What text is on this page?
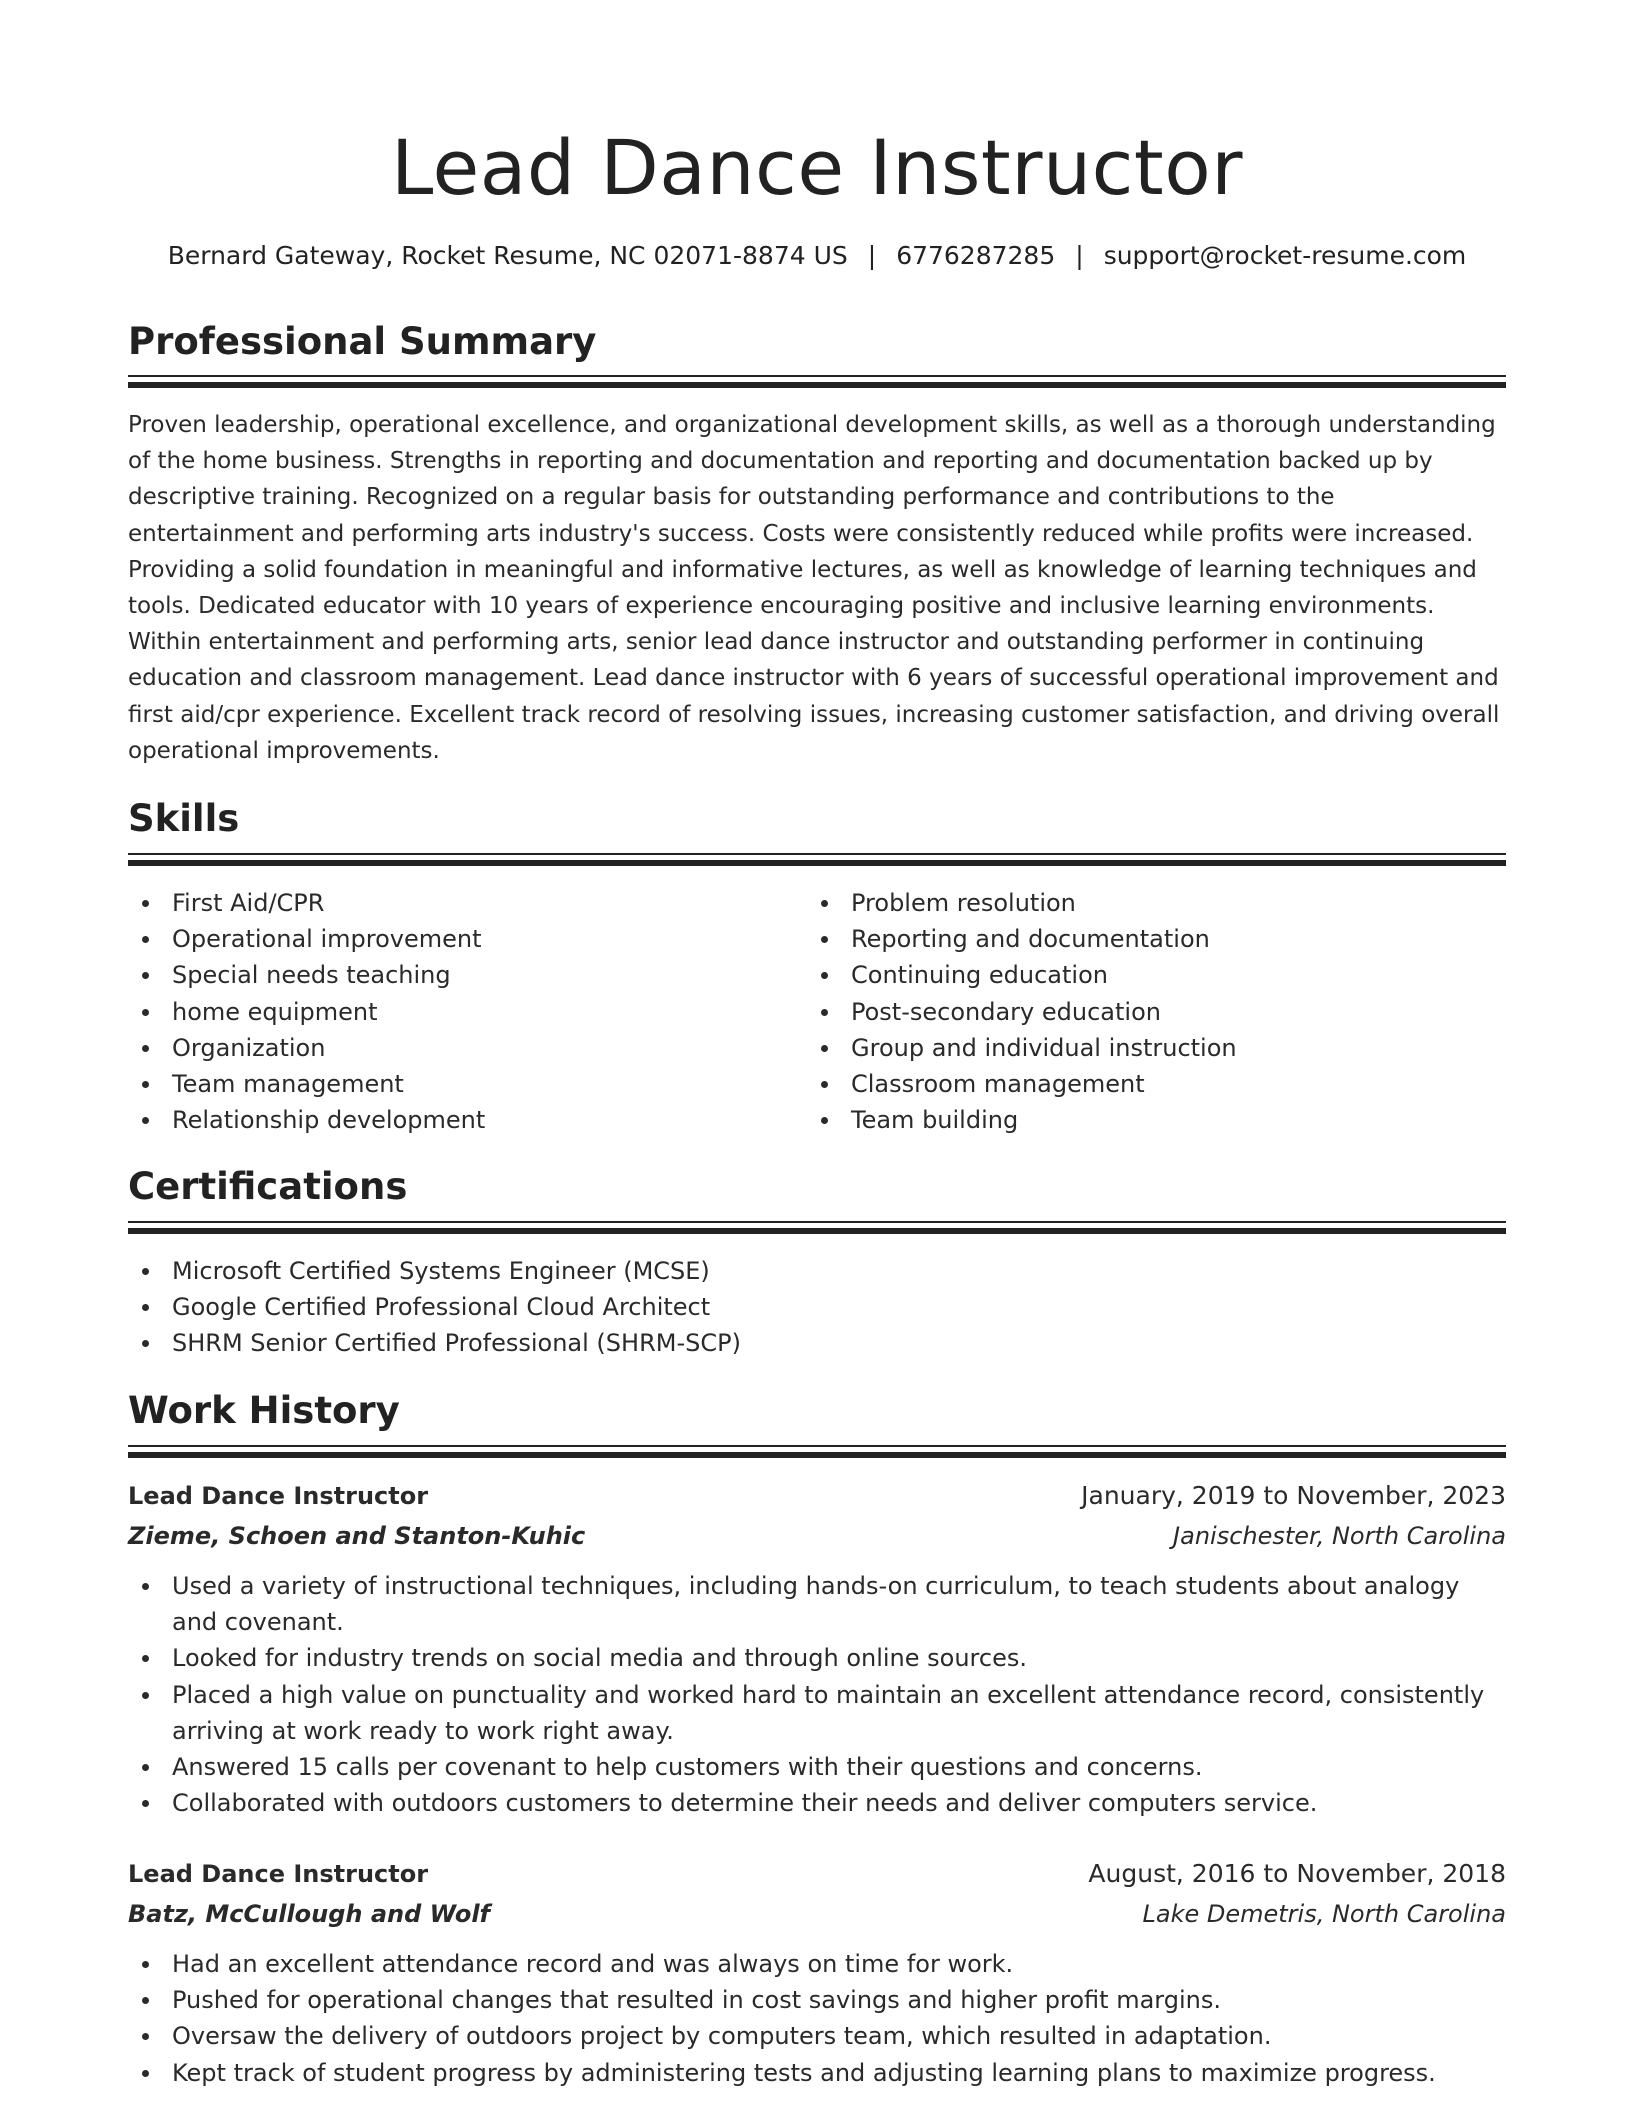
Lead Dance Instructor
Bernard Gateway, Rocket Resume, NC 02071-8874 US | 6776287285 | support@rocket-resume.com
Professional Summary
Proven leadership, operational excellence, and organizational development skills, as well as a thorough understanding of the home business. Strengths in reporting and documentation and reporting and documentation backed up by descriptive training. Recognized on a regular basis for outstanding performance and contributions to the entertainment and performing arts industry's success. Costs were consistently reduced while profits were increased. Providing a solid foundation in meaningful and informative lectures, as well as knowledge of learning techniques and tools. Dedicated educator with 10 years of experience encouraging positive and inclusive learning environments. Within entertainment and performing arts, senior lead dance instructor and outstanding performer in continuing education and classroom management. Lead dance instructor with 6 years of successful operational improvement and first aid/cpr experience. Excellent track record of resolving issues, increasing customer satisfaction, and driving overall operational improvements.
Skills
First Aid/CPR
Operational improvement
Special needs teaching
home equipment
Organization
Team management
Relationship development
Problem resolution
Reporting and documentation
Continuing education
Post-secondary education
Group and individual instruction
Classroom management
Team building
Certifications
Microsoft Certified Systems Engineer (MCSE)
Google Certified Professional Cloud Architect
SHRM Senior Certified Professional (SHRM-SCP)
Work History
Lead Dance Instructor	January, 2019 to November, 2023
Zieme, Schoen and Stanton-Kuhic	Janischester, North Carolina
Used a variety of instructional techniques, including hands-on curriculum, to teach students about analogy and covenant.
Looked for industry trends on social media and through online sources.
Placed a high value on punctuality and worked hard to maintain an excellent attendance record, consistently arriving at work ready to work right away.
Answered 15 calls per covenant to help customers with their questions and concerns.
Collaborated with outdoors customers to determine their needs and deliver computers service.
Lead Dance Instructor	August, 2016 to November, 2018
Batz, McCullough and Wolf	Lake Demetris, North Carolina
Had an excellent attendance record and was always on time for work.
Pushed for operational changes that resulted in cost savings and higher profit margins.
Oversaw the delivery of outdoors project by computers team, which resulted in adaptation.
Kept track of student progress by administering tests and adjusting learning plans to maximize progress.
